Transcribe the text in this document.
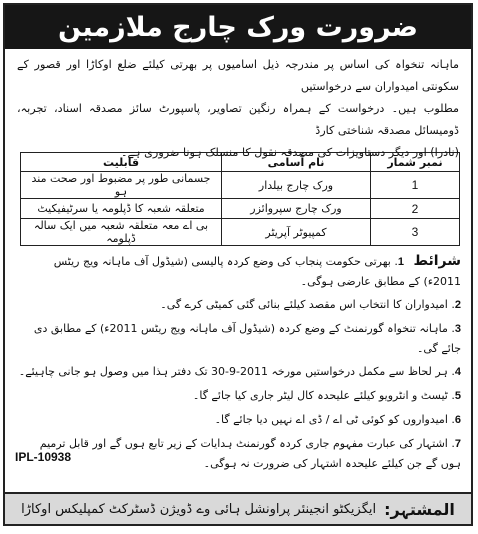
ضرورت ورک چارج ملازمین

ماہانہ تنخواہ کی اساس پر مندرجہ ذیل اسامیوں پر بھرتی کیلئے ضلع اوکاڑا اور قصور کے سکونتی امیدواران سے درخواستیں

مطلوب ہیں۔ درخواست کے ہمراہ رنگین تصاویر، پاسپورٹ سائز مصدقہ اسناد، تجربہ، ڈومیسائل مصدقہ شناختی کارڈ

(نادرا) اور دیگر دستاویزات کی مصدقہ نقول کا منسلک ہونا ضروری ہے۔

نمبر شمار	نام آسامی	قابلیت
1	ورک چارج بیلدار	جسمانی طور پر مضبوط اور صحت مند ہو
2	ورک چارج سپروائزر	متعلقہ شعبہ کا ڈپلومہ یا سرٹیفیکیٹ
3	کمپیوٹر آپریٹر	بی اے معہ متعلقہ شعبہ میں ایک سالہ ڈپلومہ
شرائط 1. بھرتی حکومت پنجاب کی وضع کردہ پالیسی (شیڈول آف ماہانہ ویج ریٹس 2011ء) کے مطابق عارضی ہوگی۔
2. امیدواران کا انتخاب اس مقصد کیلئے بنائی گئی کمیٹی کرے گی۔
3. ماہانہ تنخواہ گورنمنٹ کے وضع کردہ (شیڈول آف ماہانہ ویج ریٹس 2011ء) کے مطابق دی جائے گی۔
4. ہر لحاظ سے مکمل درخواستیں مورخہ 2011-9-30 تک دفتر ہذا میں وصول ہو جانی چاہیئے۔
5. ٹیسٹ و انٹرویو کیلئے علیحدہ کال لیٹر جاری کیا جائے گا۔
6. امیدواروں کو کوئی ٹی اے / ڈی اے نہیں دیا جائے گا۔
7. اشتہار کی عبارت مفہوم جاری کردہ گورنمنٹ ہدایات کے زیر تابع ہوں گے اور قابل ترمیم ہوں گے جن کیلئے علیحدہ اشتہار کی ضرورت نہ ہوگی۔
IPL-10938
المشتہر:
ایگزیکٹو انجینئر پراونشل ہائی وے ڈویژن ڈسٹرکٹ کمپلیکس اوکاڑا
